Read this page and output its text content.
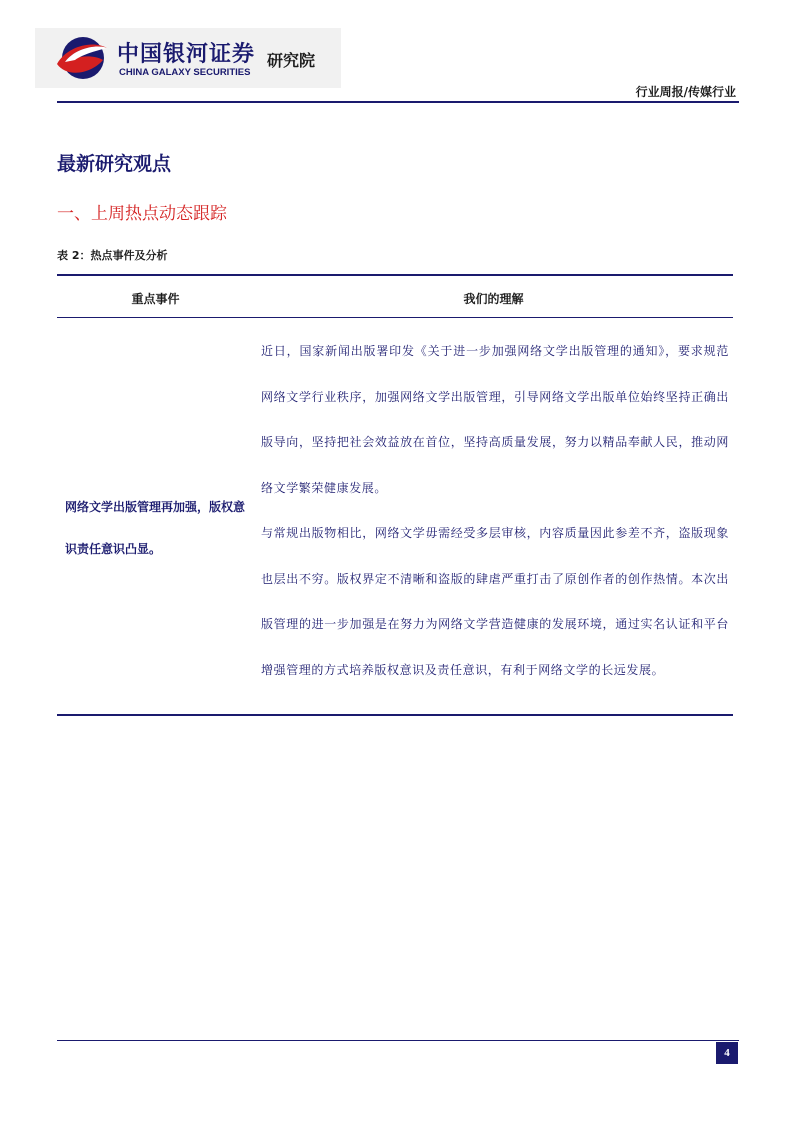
中国银河证券
CHINA GALAXY SECURITIES
研究院
行业周报/传媒行业
最新研究观点
一、上周热点动态跟踪
表 2：热点事件及分析
重点事件	我们的理解
网络文学出版管理再加强，版权意识责任意识凸显。

近日，国家新闻出版署印发《关于进一步加强网络文学出版管理的通知》，要求规范网络文学行业秩序，加强网络文学出版管理，引导网络文学出版单位始终坚持正确出版导向，坚持把社会效益放在首位，坚持高质量发展，努力以精品奉献人民，推动网络文学繁荣健康发展。

与常规出版物相比，网络文学毋需经受多层审核，内容质量因此参差不齐，盗版现象也层出不穷。版权界定不清晰和盗版的肆虐严重打击了原创作者的创作热情。本次出版管理的进一步加强是在努力为网络文学营造健康的发展环境，通过实名认证和平台增强管理的方式培养版权意识及责任意识，有利于网络文学的长远发展。

4
